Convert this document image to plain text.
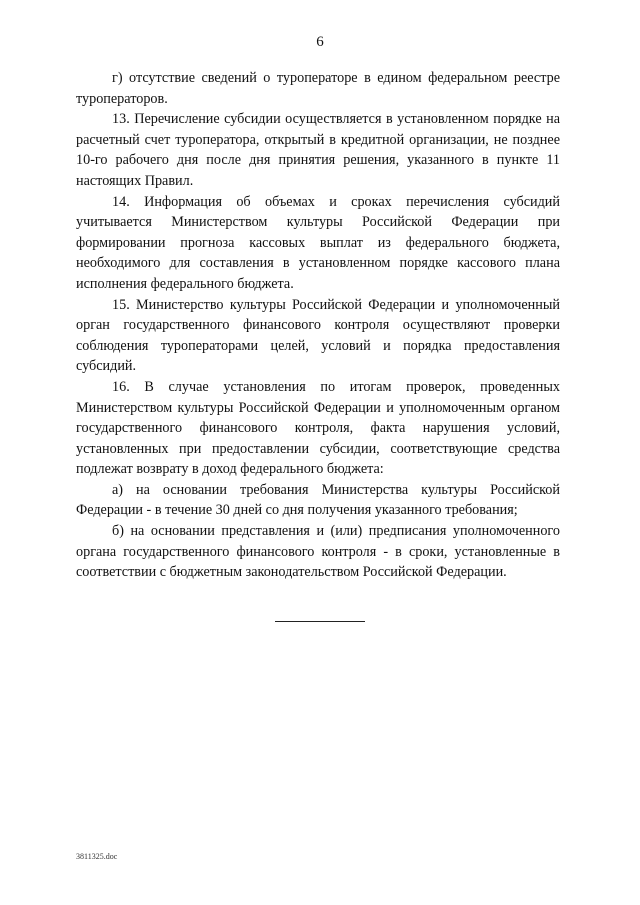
6

г) отсутствие сведений о туроператоре в едином федеральном реестре туроператоров.

13. Перечисление субсидии осуществляется в установленном порядке на расчетный счет туроператора, открытый в кредитной организации, не позднее 10-го рабочего дня после дня принятия решения, указанного в пункте 11 настоящих Правил.

14. Информация об объемах и сроках перечисления субсидий учитывается Министерством культуры Российской Федерации при формировании прогноза кассовых выплат из федерального бюджета, необходимого для составления в установленном порядке кассового плана исполнения федерального бюджета.

15. Министерство культуры Российской Федерации и уполномоченный орган государственного финансового контроля осуществляют проверки соблюдения туроператорами целей, условий и порядка предоставления субсидий.

16. В случае установления по итогам проверок, проведенных Министерством культуры Российской Федерации и уполномоченным органом государственного финансового контроля, факта нарушения условий, установленных при предоставлении субсидии, соответствующие средства подлежат возврату в доход федерального бюджета:

а) на основании требования Министерства культуры Российской Федерации - в течение 30 дней со дня получения указанного требования;

б) на основании представления и (или) предписания уполномоченного органа государственного финансового контроля - в сроки, установленные в соответствии с бюджетным законодательством Российской Федерации.

3811325.doc
